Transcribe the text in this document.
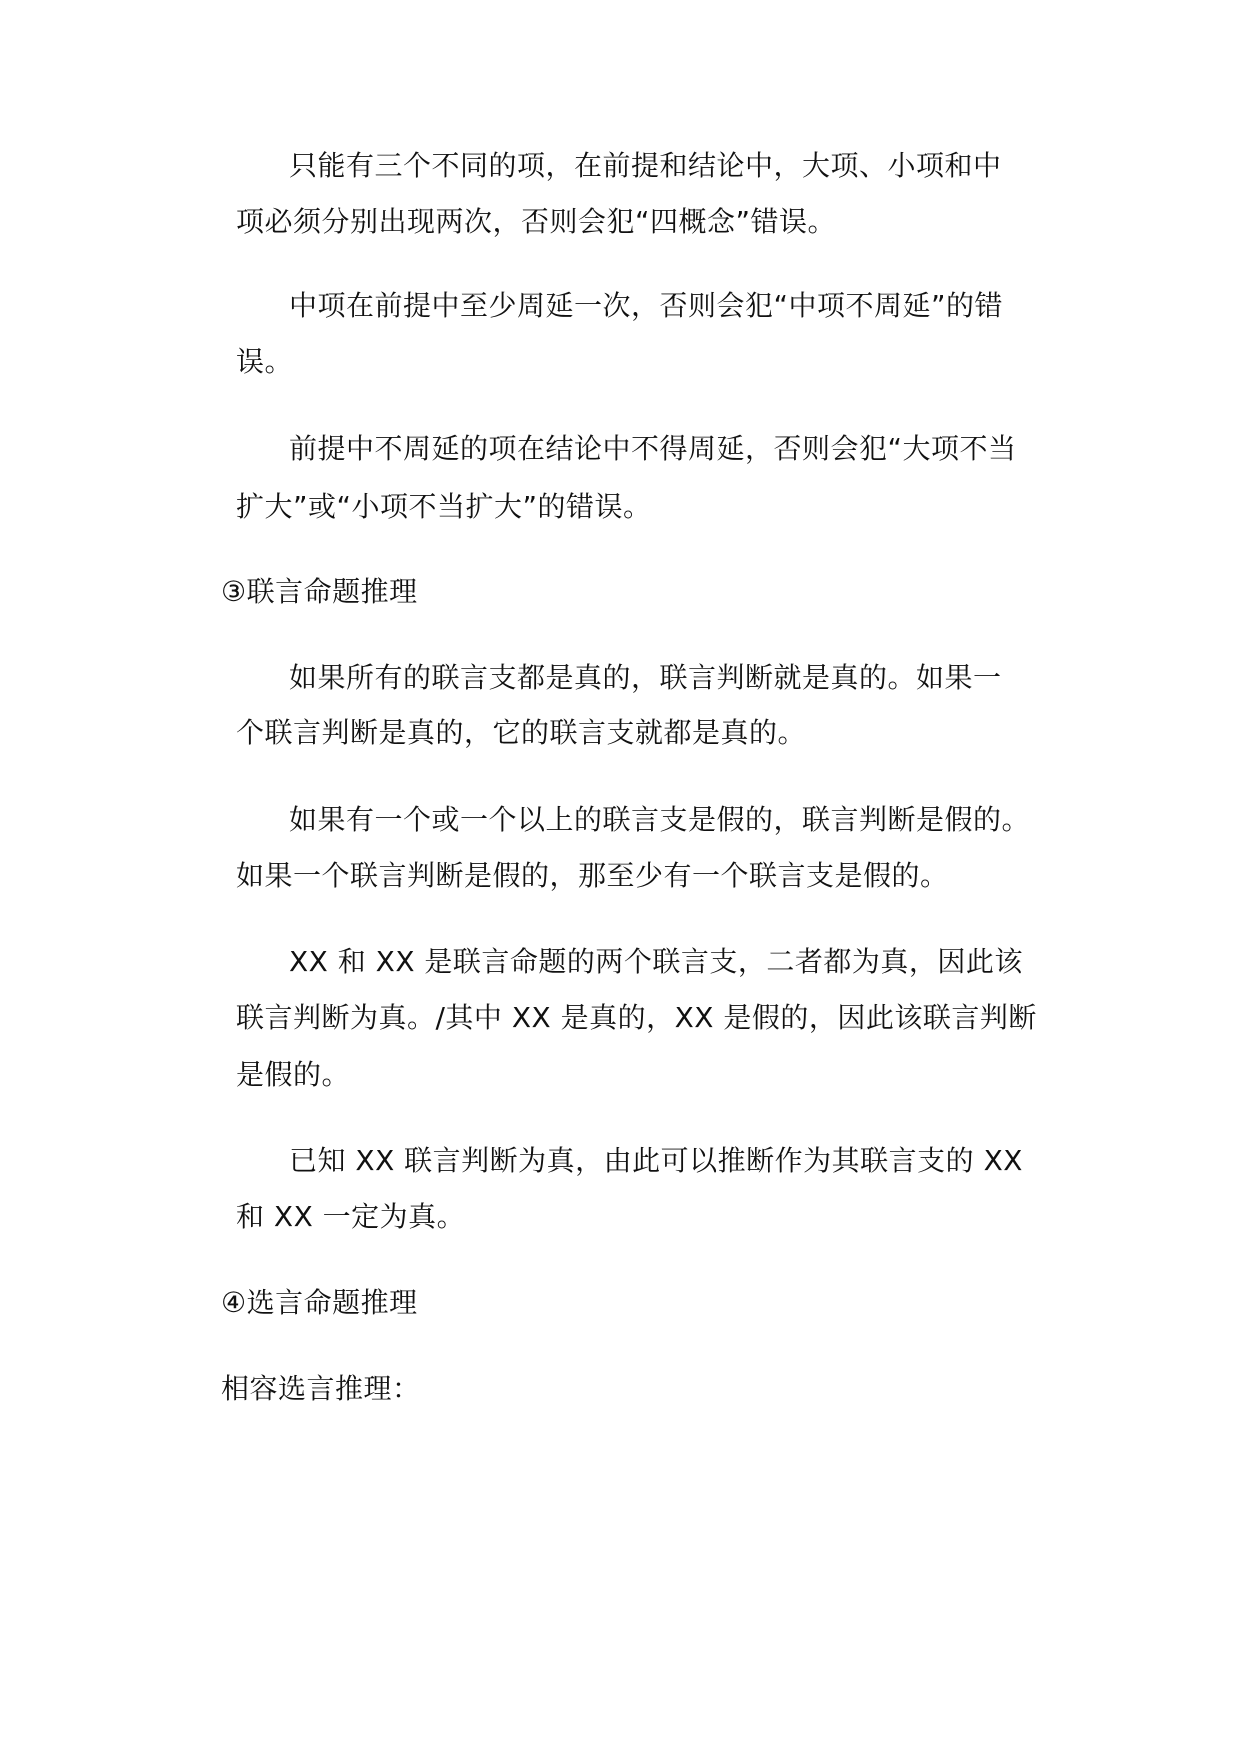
只能有三个不同的项，在前提和结论中，大项、小项和中
项必须分别出现两次，否则会犯“四概念”错误。
中项在前提中至少周延一次，否则会犯“中项不周延”的错
误。
前提中不周延的项在结论中不得周延，否则会犯“大项不当
扩大”或“小项不当扩大”的错误。
③联言命题推理
如果所有的联言支都是真的，联言判断就是真的。如果一
个联言判断是真的，它的联言支就都是真的。
如果有一个或一个以上的联言支是假的，联言判断是假的。
如果一个联言判断是假的，那至少有一个联言支是假的。
XX 和 XX 是联言命题的两个联言支，二者都为真，因此该
联言判断为真。/其中 XX 是真的，XX 是假的，因此该联言判断
是假的。
已知 XX 联言判断为真，由此可以推断作为其联言支的 XX
和 XX 一定为真。
④选言命题推理
相容选言推理：
